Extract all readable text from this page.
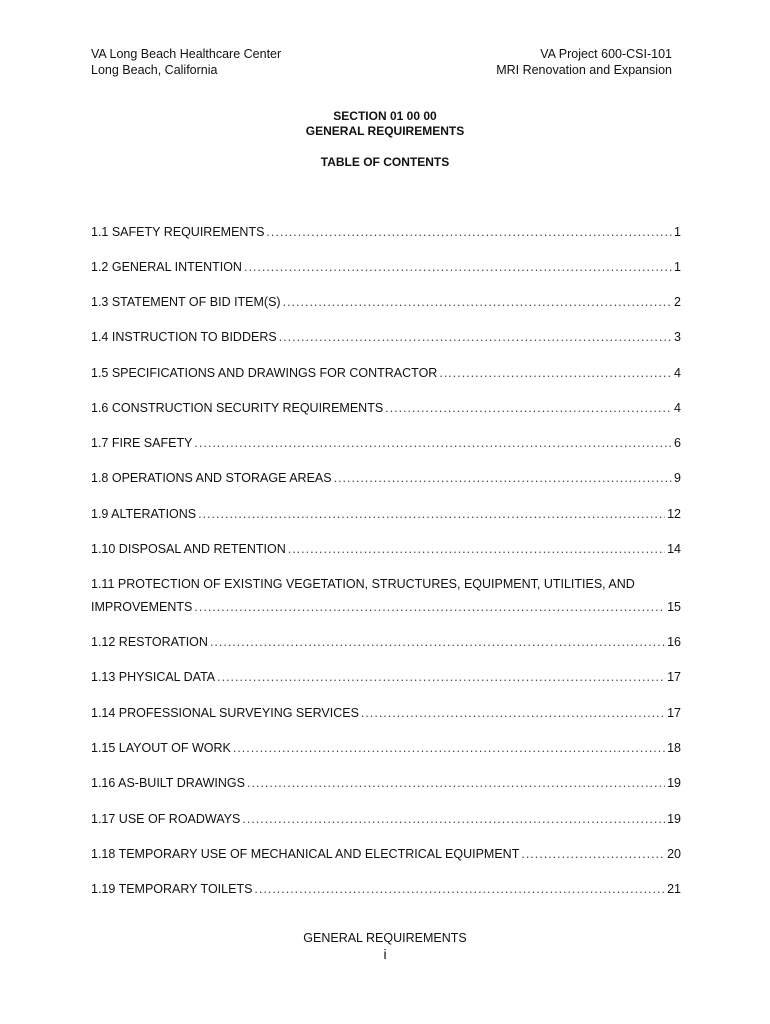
VA Long Beach Healthcare Center
Long Beach, California
VA Project 600-CSI-101
MRI Renovation and Expansion
SECTION 01 00 00
GENERAL REQUIREMENTS
TABLE OF CONTENTS
1.1 SAFETY REQUIREMENTS .....	1
1.2 GENERAL INTENTION .....	1
1.3 STATEMENT OF BID ITEM(S) .....	2
1.4 INSTRUCTION TO BIDDERS .....	3
1.5 SPECIFICATIONS AND DRAWINGS FOR CONTRACTOR .....	4
1.6 CONSTRUCTION SECURITY REQUIREMENTS .....	4
1.7 FIRE SAFETY .....	6
1.8 OPERATIONS AND STORAGE AREAS .....	9
1.9 ALTERATIONS .....	12
1.10 DISPOSAL AND RETENTION .....	14
1.11 PROTECTION OF EXISTING VEGETATION, STRUCTURES, EQUIPMENT, UTILITIES, AND
IMPROVEMENTS .....	15
1.12 RESTORATION .....	16
1.13 PHYSICAL DATA .....	17
1.14 PROFESSIONAL SURVEYING SERVICES .....	17
1.15 LAYOUT OF WORK .....	18
1.16 AS-BUILT DRAWINGS .....	19
1.17 USE OF ROADWAYS .....	19
1.18 TEMPORARY USE OF MECHANICAL AND ELECTRICAL EQUIPMENT .....	20
1.19 TEMPORARY TOILETS .....	21
GENERAL REQUIREMENTS
i
